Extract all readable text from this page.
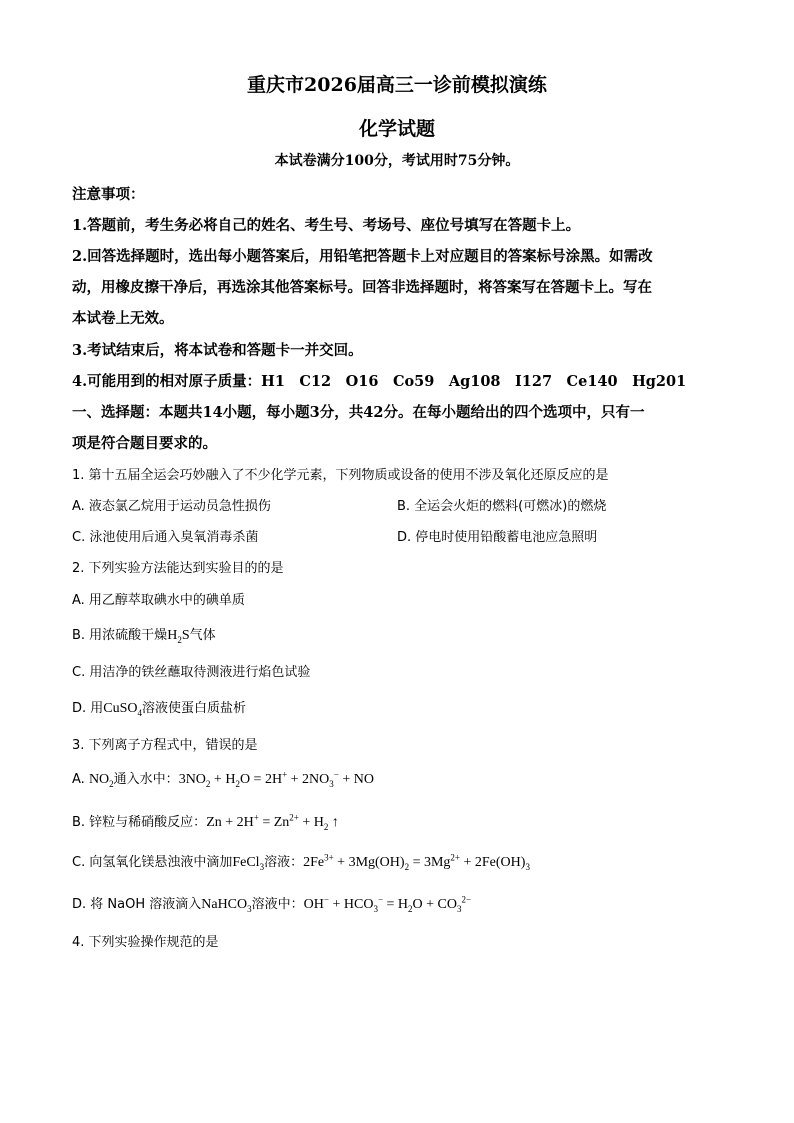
重庆市2026届高三一诊前模拟演练
化学试题
本试卷满分100分，考试用时75分钟。
注意事项：
1.答题前，考生务必将自己的姓名、考生号、考场号、座位号填写在答题卡上。
2.回答选择题时，选出每小题答案后，用铅笔把答题卡上对应题目的答案标号涂黑。如需改
动，用橡皮擦干净后，再选涂其他答案标号。回答非选择题时，将答案写在答题卡上。写在
本试卷上无效。
3.考试结束后，将本试卷和答题卡一并交回。
4.可能用到的相对原子质量：H1　C12　O16　Co59　Ag108　I127　Ce140　Hg201
一、选择题：本题共14小题，每小题3分，共42分。在每小题给出的四个选项中，只有一
项是符合题目要求的。
1. 第十五届全运会巧妙融入了不少化学元素，下列物质或设备的使用不涉及氧化还原反应的是
A. 液态氯乙烷用于运动员急性损伤	B. 全运会火炬的燃料(可燃冰)的燃烧
C. 泳池使用后通入臭氧消毒杀菌	D. 停电时使用铅酸蓄电池应急照明
2. 下列实验方法能达到实验目的的是
A. 用乙醇萃取碘水中的碘单质
B. 用浓硫酸干燥$H_2S$气体
C. 用洁净的铁丝蘸取待测液进行焰色试验
D. 用CuSO$_4$溶液使蛋白质盐析
3. 下列离子方程式中，错误的是
A. $NO_2$通入水中：$3NO_2 + H_2O = 2H^+ + 2NO_3^-$ + NO
B. 锌粒与稀硝酸反应：$Zn + 2H^+ = Zn^{2+} + H_2$ ↑
C. 向氢氧化镁悬浊液中滴加FeCl$_3$溶液：$2Fe^{3+} + 3Mg(OH)_2 = 3Mg^{2+} + 2Fe(OH)_3$
D. 将 NaOH 溶液滴入NaHCO$_3$溶液中：$OH^- + HCO_3^- = H_2O + CO_3^{2-}$
4. 下列实验操作规范的是
